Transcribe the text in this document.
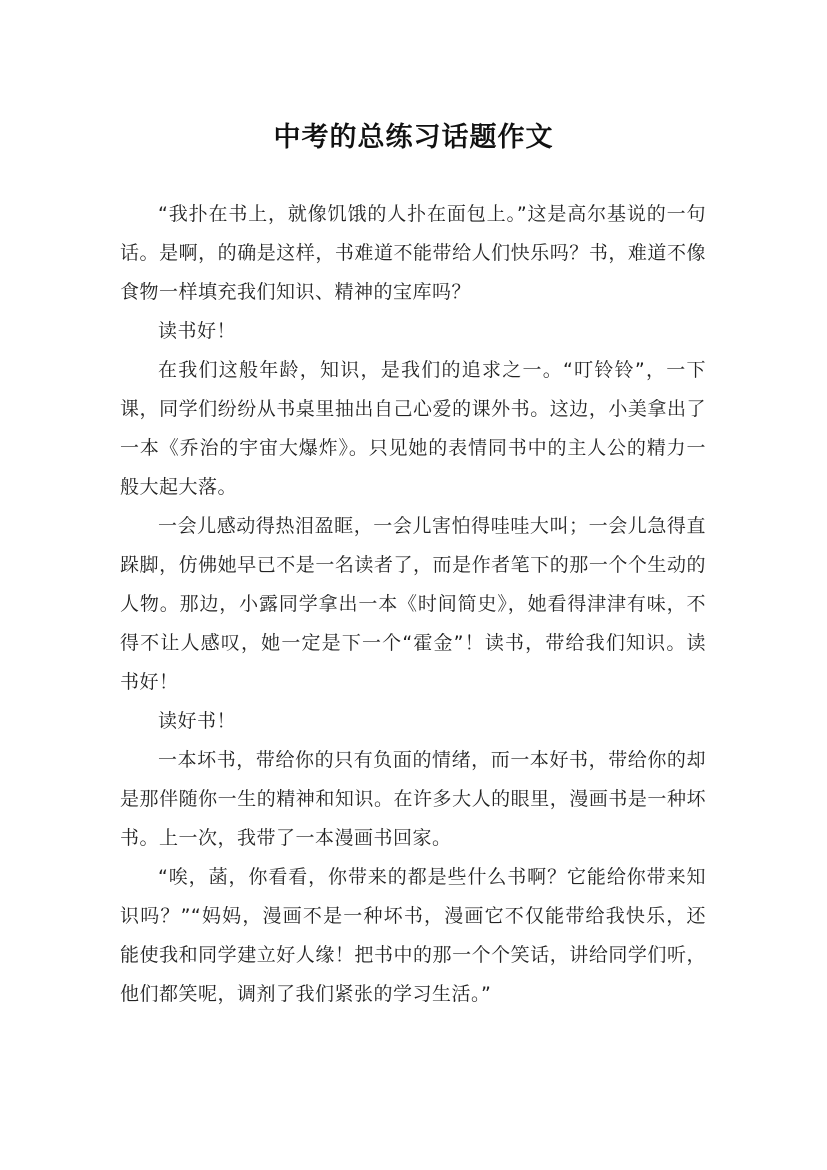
中考的总练习话题作文

“我扑在书上，就像饥饿的人扑在面包上。”这是高尔基说的一句话。是啊，的确是这样，书难道不能带给人们快乐吗？书，难道不像食物一样填充我们知识、精神的宝库吗？

读书好！

在我们这般年龄，知识，是我们的追求之一。“叮铃铃”，一下课，同学们纷纷从书桌里抽出自己心爱的课外书。这边，小美拿出了一本《乔治的宇宙大爆炸》。只见她的表情同书中的主人公的精力一般大起大落。

一会儿感动得热泪盈眶，一会儿害怕得哇哇大叫；一会儿急得直跺脚，仿佛她早已不是一名读者了，而是作者笔下的那一个个生动的人物。那边，小露同学拿出一本《时间简史》，她看得津津有味，不得不让人感叹，她一定是下一个“霍金”！读书，带给我们知识。读书好！

读好书！

一本坏书，带给你的只有负面的情绪，而一本好书，带给你的却是那伴随你一生的精神和知识。在许多大人的眼里，漫画书是一种坏书。上一次，我带了一本漫画书回家。

“唉，菡，你看看，你带来的都是些什么书啊？它能给你带来知识吗？”“妈妈，漫画不是一种坏书，漫画它不仅能带给我快乐，还能使我和同学建立好人缘！把书中的那一个个笑话，讲给同学们听，他们都笑呢，调剂了我们紧张的学习生活。”
